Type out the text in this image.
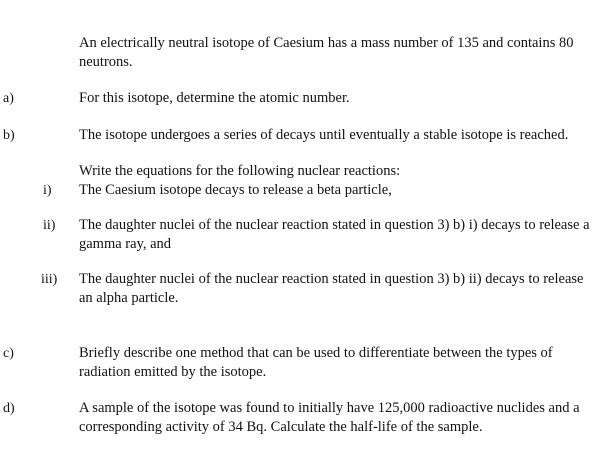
An electrically neutral isotope of Caesium has a mass number of 135 and contains 80 neutrons.
a)	For this isotope, determine the atomic number.
b)	The isotope undergoes a series of decays until eventually a stable isotope is reached.
Write the equations for the following nuclear reactions:
i) The Caesium isotope decays to release a beta particle,
ii) The daughter nuclei of the nuclear reaction stated in question 3) b) i) decays to release a gamma ray, and
iii) The daughter nuclei of the nuclear reaction stated in question 3) b) ii) decays to release an alpha particle.
c)	Briefly describe one method that can be used to differentiate between the types of radiation emitted by the isotope.
d)	A sample of the isotope was found to initially have 125,000 radioactive nuclides and a corresponding activity of 34 Bq. Calculate the half-life of the sample.
